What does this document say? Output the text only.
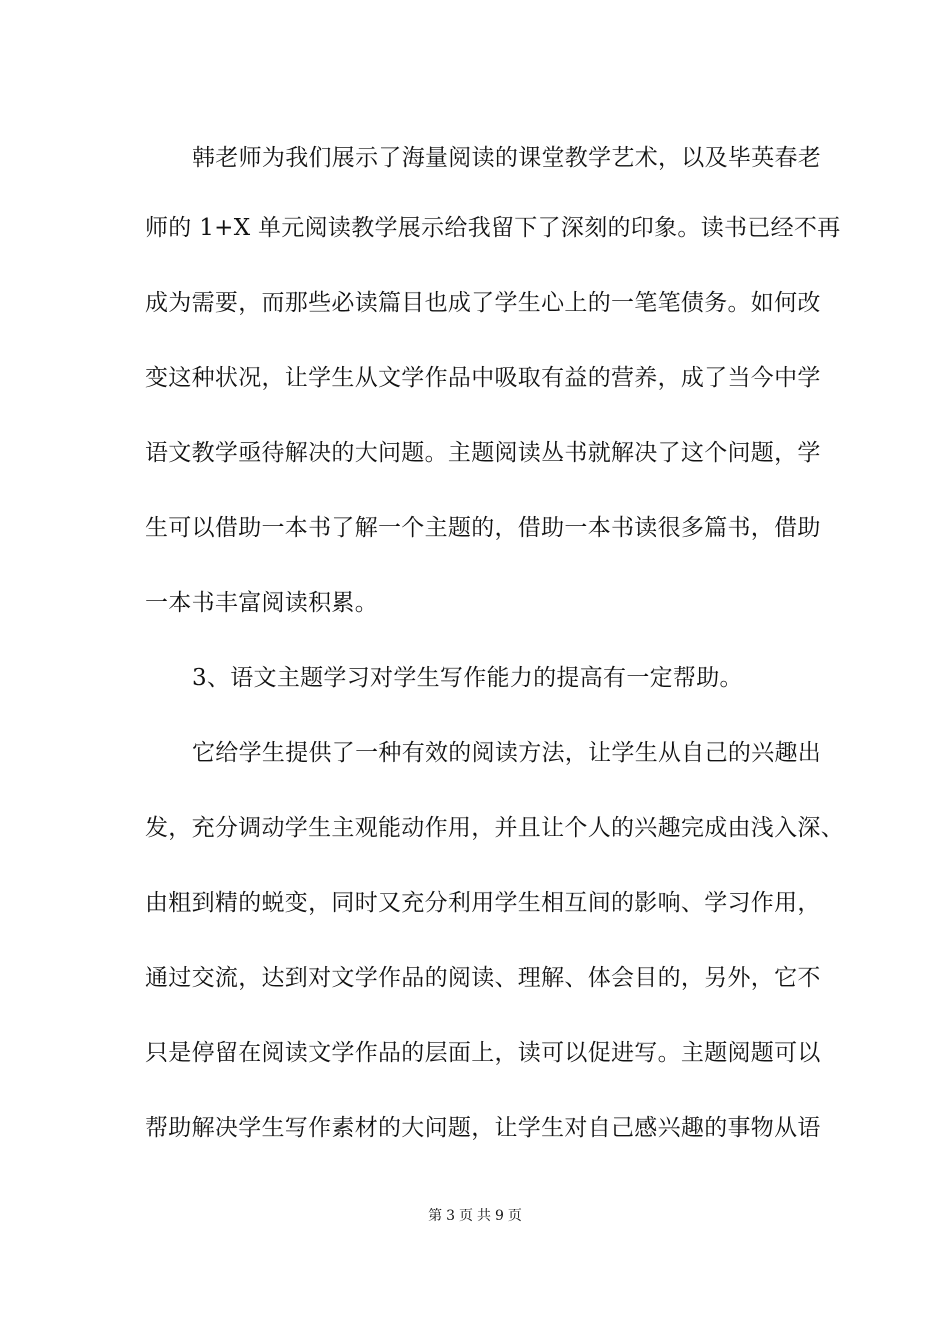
韩老师为我们展示了海量阅读的课堂教学艺术，以及毕英春老
师的 1+X 单元阅读教学展示给我留下了深刻的印象。读书已经不再
成为需要，而那些必读篇目也成了学生心上的一笔笔债务。如何改
变这种状况，让学生从文学作品中吸取有益的营养，成了当今中学
语文教学亟待解决的大问题。主题阅读丛书就解决了这个问题，学
生可以借助一本书了解一个主题的，借助一本书读很多篇书，借助
一本书丰富阅读积累。
3、语文主题学习对学生写作能力的提高有一定帮助。
它给学生提供了一种有效的阅读方法，让学生从自己的兴趣出
发，充分调动学生主观能动作用，并且让个人的兴趣完成由浅入深、
由粗到精的蜕变，同时又充分利用学生相互间的影响、学习作用，
通过交流，达到对文学作品的阅读、理解、体会目的，另外，它不
只是停留在阅读文学作品的层面上，读可以促进写。主题阅题可以
帮助解决学生写作素材的大问题，让学生对自己感兴趣的事物从语
第 3 页 共 9 页
